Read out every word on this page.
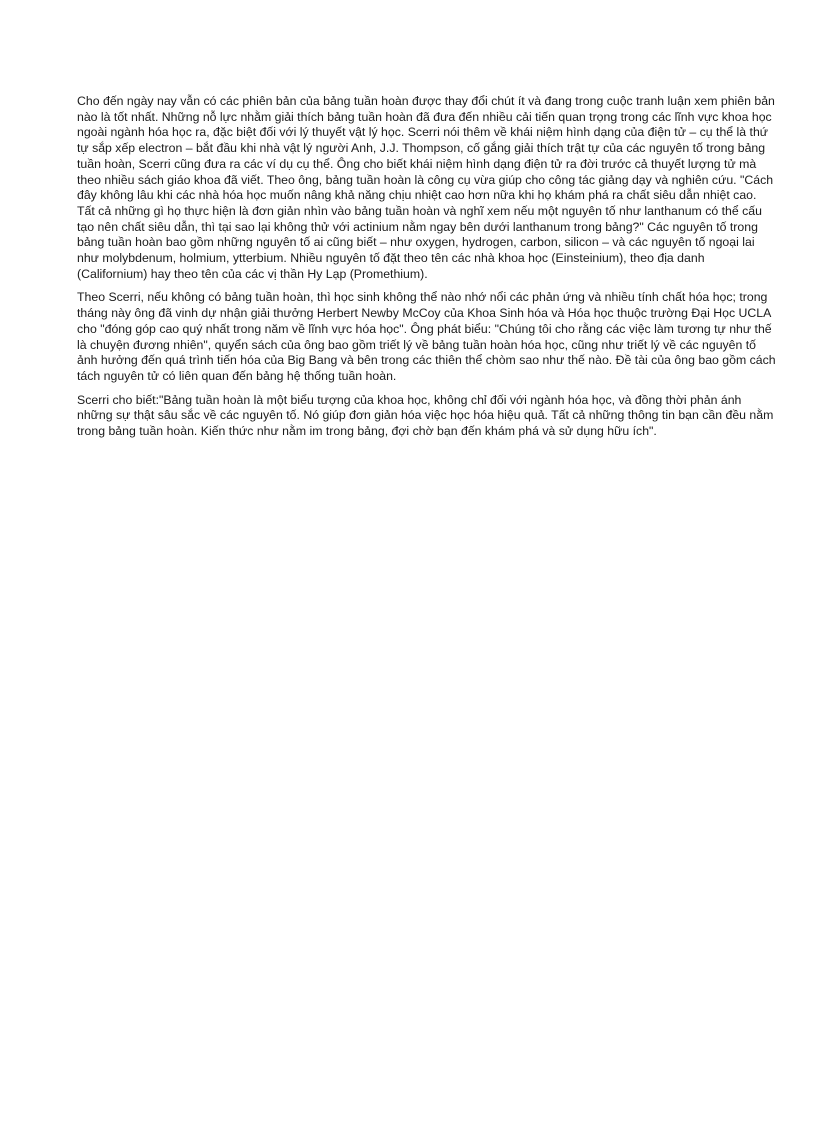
Cho đến ngày nay vẫn có các phiên bản của bảng tuần hoàn được thay đổi chút ít và đang trong cuộc tranh luận xem phiên bản nào là tốt nhất. Những nỗ lực nhằm giải thích bảng tuần hoàn đã đưa đến nhiều cải tiến quan trọng trong các lĩnh vực khoa học ngoài ngành hóa học ra, đặc biệt đối với lý thuyết vật lý học. Scerri nói thêm về khái niệm hình dạng của điện tử – cụ thể là thứ tự sắp xếp electron – bắt đầu khi nhà vật lý người Anh, J.J. Thompson, cố gắng giải thích trật tự của các nguyên tố trong bảng tuần hoàn, Scerri cũng đưa ra các ví dụ cụ thể. Ông cho biết khái niệm hình dạng điện tử ra đời trước cả thuyết lượng tử mà theo nhiều sách giáo khoa đã viết. Theo ông, bảng tuần hoàn là công cụ vừa giúp cho công tác giảng dạy và nghiên cứu. "Cách đây không lâu khi các nhà hóa học muốn nâng khả năng chịu nhiệt cao hơn nữa khi họ khám phá ra chất siêu dẫn nhiệt cao. Tất cả những gì họ thực hiện là đơn giản nhìn vào bảng tuần hoàn và nghĩ xem nếu một nguyên tố như lanthanum có thể cấu tạo nên chất siêu dẫn, thì tại sao lại không thử với actinium nằm ngay bên dưới lanthanum trong bảng?" Các nguyên tố trong bảng tuần hoàn bao gồm những nguyên tố ai cũng biết – như oxygen, hydrogen, carbon, silicon – và các nguyên tố ngoại lai như molybdenum, holmium, ytterbium. Nhiều nguyên tố đặt theo tên các nhà khoa học (Einsteinium), theo địa danh (Californium) hay theo tên của các vị thần Hy Lạp (Promethium).

Theo Scerri, nếu không có bảng tuần hoàn, thì học sinh không thể nào nhớ nổi các phản ứng và nhiều tính chất hóa học; trong tháng này ông đã vinh dự nhận giải thưởng Herbert Newby McCoy của Khoa Sinh hóa và Hóa học thuộc trường Đại Học UCLA cho "đóng góp cao quý nhất trong năm về lĩnh vực hóa học". Ông phát biểu: "Chúng tôi cho rằng các việc làm tương tự như thế là chuyện đương nhiên", quyển sách của ông bao gồm triết lý về bảng tuần hoàn hóa học, cũng như triết lý về các nguyên tố ảnh hưởng đến quá trình tiến hóa của Big Bang và bên trong các thiên thể chòm sao như thế nào. Đề tài của ông bao gồm cách tách nguyên tử có liên quan đến bảng hệ thống tuần hoàn.

Scerri cho biết:"Bảng tuần hoàn là một biểu tượng của khoa học, không chỉ đối với ngành hóa học, và đồng thời phản ánh những sự thật sâu sắc về các nguyên tố. Nó giúp đơn giản hóa việc học hóa hiệu quả. Tất cả những thông tin bạn cần đều nằm trong bảng tuần hoàn. Kiến thức như nằm im trong bảng, đợi chờ bạn đến khám phá và sử dụng hữu ích".
